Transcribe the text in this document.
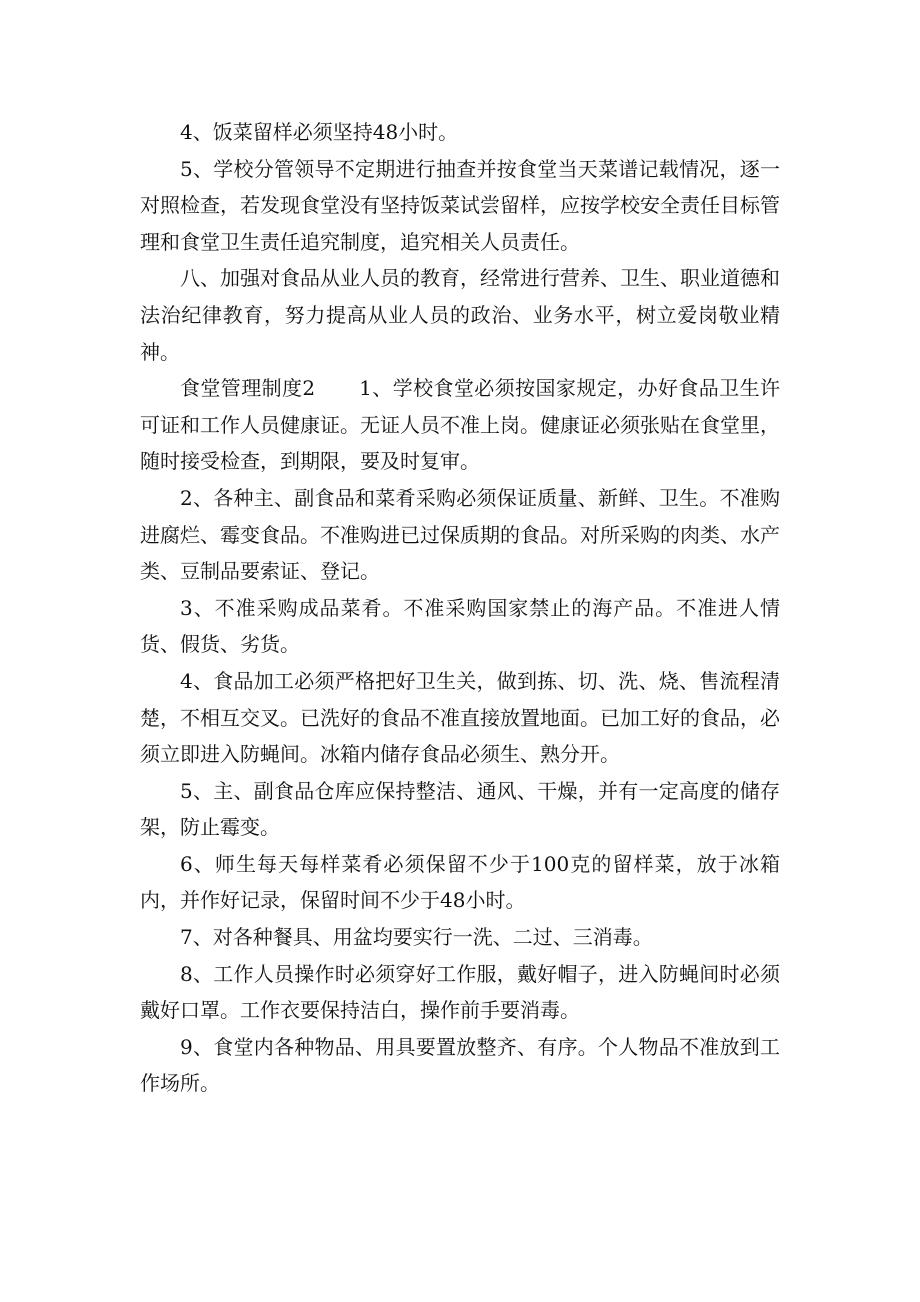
4、饭菜留样必须坚持48小时。

5、学校分管领导不定期进行抽查并按食堂当天菜谱记载情况，逐一对照检查，若发现食堂没有坚持饭菜试尝留样，应按学校安全责任目标管理和食堂卫生责任追究制度，追究相关人员责任。

八、加强对食品从业人员的教育，经常进行营养、卫生、职业道德和法治纪律教育，努力提高从业人员的政治、业务水平，树立爱岗敬业精神。

食堂管理制度2 1、学校食堂必须按国家规定，办好食品卫生许可证和工作人员健康证。无证人员不准上岗。健康证必须张贴在食堂里，随时接受检查，到期限，要及时复审。

2、各种主、副食品和菜肴采购必须保证质量、新鲜、卫生。不准购进腐烂、霉变食品。不准购进已过保质期的食品。对所采购的肉类、水产类、豆制品要索证、登记。

3、不准采购成品菜肴。不准采购国家禁止的海产品。不准进人情货、假货、劣货。

4、食品加工必须严格把好卫生关，做到拣、切、洗、烧、售流程清楚，不相互交叉。已洗好的食品不准直接放置地面。已加工好的食品，必须立即进入防蝇间。冰箱内储存食品必须生、熟分开。

5、主、副食品仓库应保持整洁、通风、干燥，并有一定高度的储存架，防止霉变。

6、师生每天每样菜肴必须保留不少于100克的留样菜，放于冰箱内，并作好记录，保留时间不少于48小时。

7、对各种餐具、用盆均要实行一洗、二过、三消毒。

8、工作人员操作时必须穿好工作服，戴好帽子，进入防蝇间时必须戴好口罩。工作衣要保持洁白，操作前手要消毒。

9、食堂内各种物品、用具要置放整齐、有序。个人物品不准放到工作场所。
